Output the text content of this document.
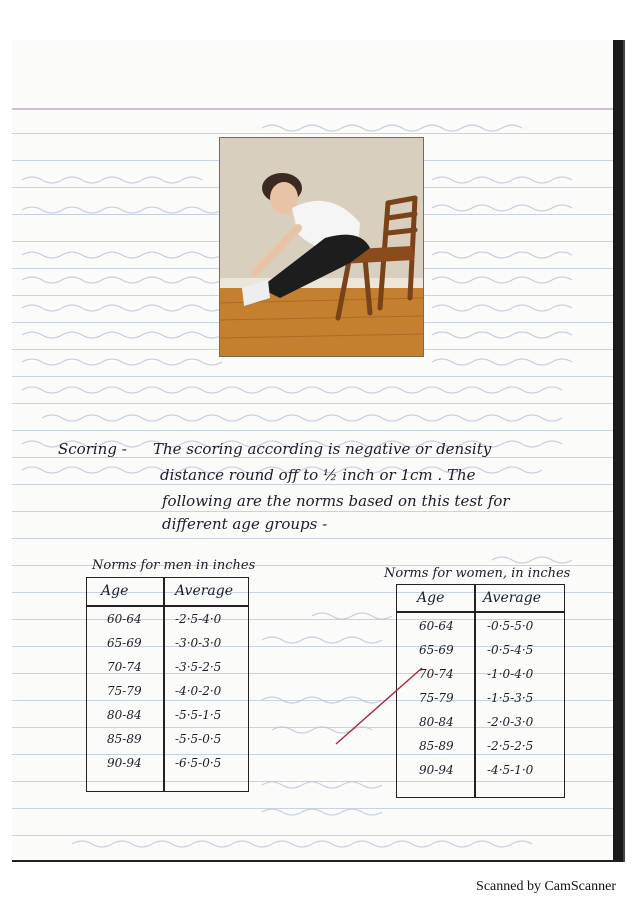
Scoring - The scoring according is negative or density
distance round off to ½ inch or 1cm . The
following are the norms based on this test for
different age groups -
Norms for men in inches
Age	Average
60-64	-2·5-4·0
65-69	-3·0-3·0
70-74	-3·5-2·5
75-79	-4·0-2·0
80-84	-5·5-1·5
85-89	-5·5-0·5
90-94	-6·5-0·5
Norms for women, in inches
Age	Average
60-64	-0·5-5·0
65-69	-0·5-4·5
70-74	-1·0-4·0
75-79	-1·5-3·5
80-84	-2·0-3·0
85-89	-2·5-2·5
90-94	-4·5-1·0
Scanned by CamScanner
